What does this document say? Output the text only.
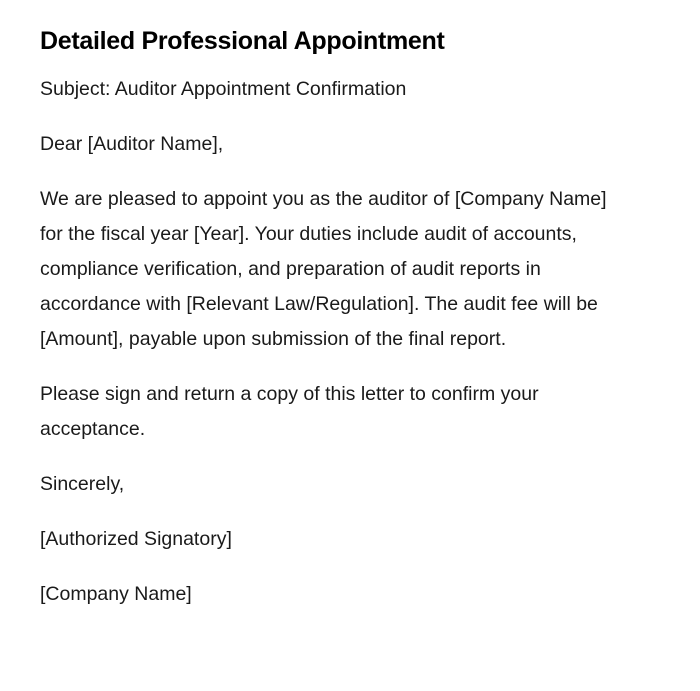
Detailed Professional Appointment

Subject: Auditor Appointment Confirmation

Dear [Auditor Name],

We are pleased to appoint you as the auditor of [Company Name] for the fiscal year [Year]. Your duties include audit of accounts, compliance verification, and preparation of audit reports in accordance with [Relevant Law/Regulation]. The audit fee will be [Amount], payable upon submission of the final report.

Please sign and return a copy of this letter to confirm your acceptance.

Sincerely,

[Authorized Signatory]

[Company Name]
